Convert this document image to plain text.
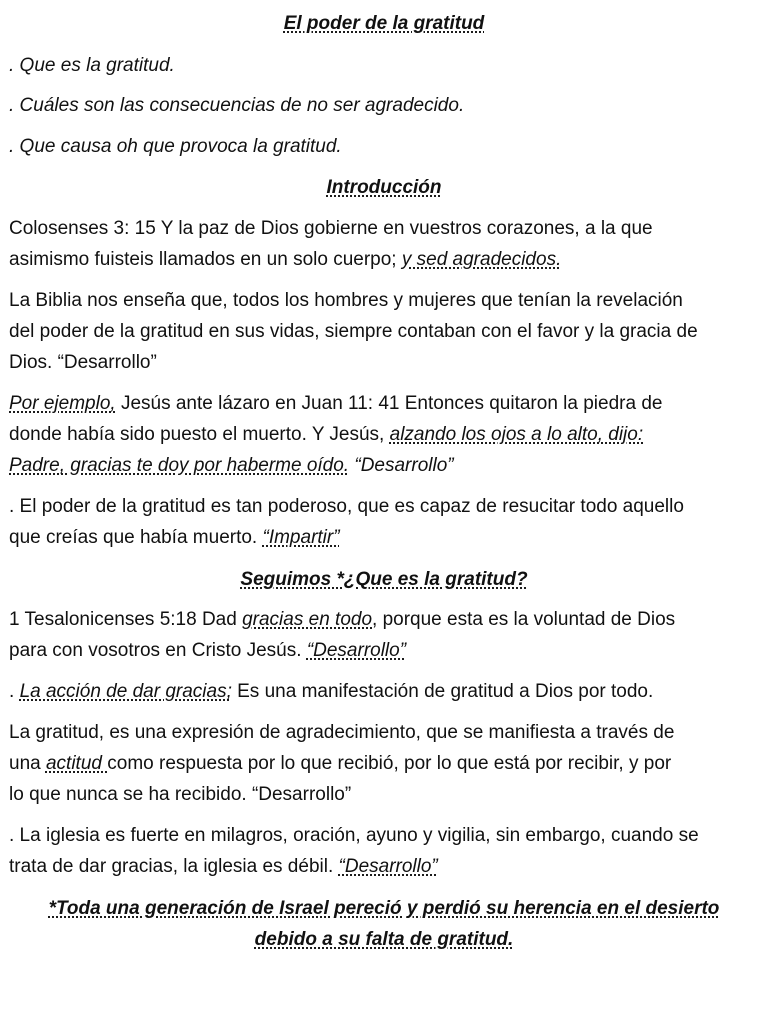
El poder de la gratitud
. Que es la gratitud.
. Cuáles son las consecuencias de no ser agradecido.
. Que causa oh que provoca la gratitud.
Introducción
Colosenses 3: 15 Y la paz de Dios gobierne en vuestros corazones, a la que
asimismo fuisteis llamados en un solo cuerpo; y sed agradecidos.
La Biblia nos enseña que, todos los hombres y mujeres que tenían la revelación
del poder de la gratitud en sus vidas, siempre contaban con el favor y la gracia de
Dios. “Desarrollo”
Por ejemplo, Jesús ante lázaro en Juan 11: 41 Entonces quitaron la piedra de
donde había sido puesto el muerto. Y Jesús, alzando los ojos a lo alto, dijo:
Padre, gracias te doy por haberme oído. “Desarrollo”
. El poder de la gratitud es tan poderoso, que es capaz de resucitar todo aquello
que creías que había muerto. “Impartir”
Seguimos *¿Que es la gratitud?
1 Tesalonicenses 5:18 Dad gracias en todo, porque esta es la voluntad de Dios
para con vosotros en Cristo Jesús. “Desarrollo”
. La acción de dar gracias; Es una manifestación de gratitud a Dios por todo.
La gratitud, es una expresión de agradecimiento, que se manifiesta a través de
una actitud como respuesta por lo que recibió, por lo que está por recibir, y por
lo que nunca se ha recibido. “Desarrollo”
. La iglesia es fuerte en milagros, oración, ayuno y vigilia, sin embargo, cuando se
trata de dar gracias, la iglesia es débil. “Desarrollo”
*Toda una generación de Israel pereció y perdió su herencia en el desierto
debido a su falta de gratitud.
